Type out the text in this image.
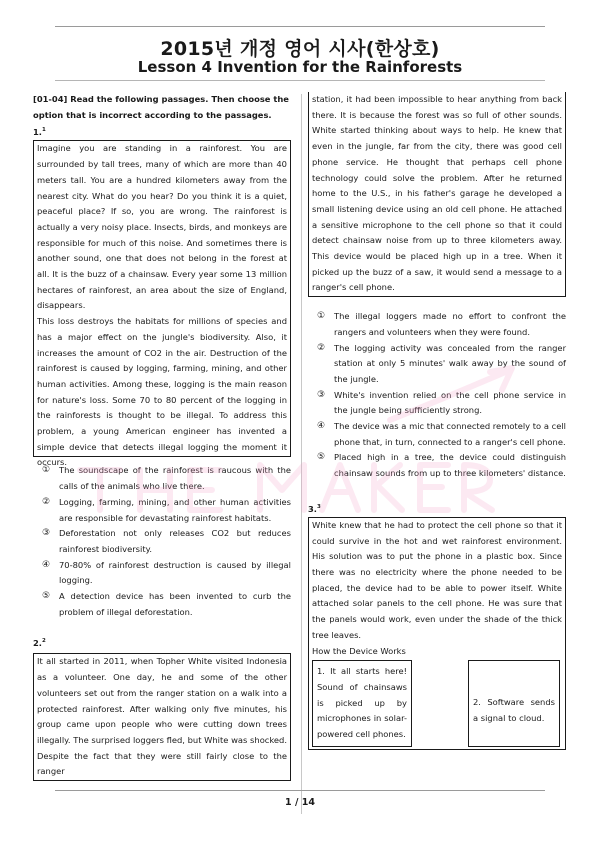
2015년 개정 영어 시사(한상호)
Lesson 4 Invention for the Rainforests
[01-04] Read the following passages. Then choose the option that is incorrect according to the passages.
1.$^1$

Imagine you are standing in a rainforest. You are surrounded by tall trees, many of which are more than 40 meters tall. You are a hundred kilometers away from the nearest city. What do you hear? Do you think it is a quiet, peaceful place? If so, you are wrong. The rainforest is actually a very noisy place. Insects, birds, and monkeys are responsible for much of this noise. And sometimes there is another sound, one that does not belong in the forest at all. It is the buzz of a chainsaw. Every year some 13 million hectares of rainforest, an area about the size of England, disappears.

This loss destroys the habitats for millions of species and has a major effect on the jungle's biodiversity. Also, it increases the amount of CO2 in the air. Destruction of the rainforest is caused by logging, farming, mining, and other human activities. Among these, logging is the main reason for nature's loss. Some 70 to 80 percent of the logging in the rainforests is thought to be illegal. To address this problem, a young American engineer has invented a simple device that detects illegal logging the moment it occurs.

①	The soundscape of the rainforest is raucous with the calls of the animals who live there.
②	Logging, farming, mining, and other human activities are responsible for devastating rainforest habitats.
③	Deforestation not only releases CO2 but reduces rainforest biodiversity.
④	70-80% of rainforest destruction is caused by illegal logging.
⑤	A detection device has been invented to curb the problem of illegal deforestation.
2.$^2$
It all started in 2011, when Topher White visited Indonesia as a volunteer. One day, he and some of the other volunteers set out from the ranger station on a walk into a protected rainforest. After walking only five minutes, his group came upon people who were cutting down trees illegally. The surprised loggers fled, but White was shocked. Despite the fact that they were still fairly close to the ranger
station, it had been impossible to hear anything from back there. It is because the forest was so full of other sounds. White started thinking about ways to help. He knew that even in the jungle, far from the city, there was good cell phone service. He thought that perhaps cell phone technology could solve the problem. After he returned home to the U.S., in his father's garage he developed a small listening device using an old cell phone. He attached a sensitive microphone to the cell phone so that it could detect chainsaw noise from up to three kilometers away. This device would be placed high up in a tree. When it picked up the buzz of a saw, it would send a message to a ranger's cell phone.
①	The illegal loggers made no effort to confront the rangers and volunteers when they were found.
②	The logging activity was concealed from the ranger station at only 5 minutes' walk away by the sound of the jungle.
③	White's invention relied on the cell phone service in the jungle being sufficiently strong.
④	The device was a mic that connected remotely to a cell phone that, in turn, connected to a ranger's cell phone.
⑤	Placed high in a tree, the device could distinguish chainsaw sounds from up to three kilometers' distance.
3.$^3$

White knew that he had to protect the cell phone so that it could survive in the hot and wet rainforest environment. His solution was to put the phone in a plastic box. Since there was no electricity where the phone needed to be placed, the device had to be able to power itself. White attached solar panels to the cell phone. He was sure that the panels would work, even under the shade of the thick tree leaves.

How the Device Works
1. It all starts here! Sound of chainsaws is picked up by microphones in solar-powered cell phones.
2. Software sends a signal to cloud.
1 / 14
